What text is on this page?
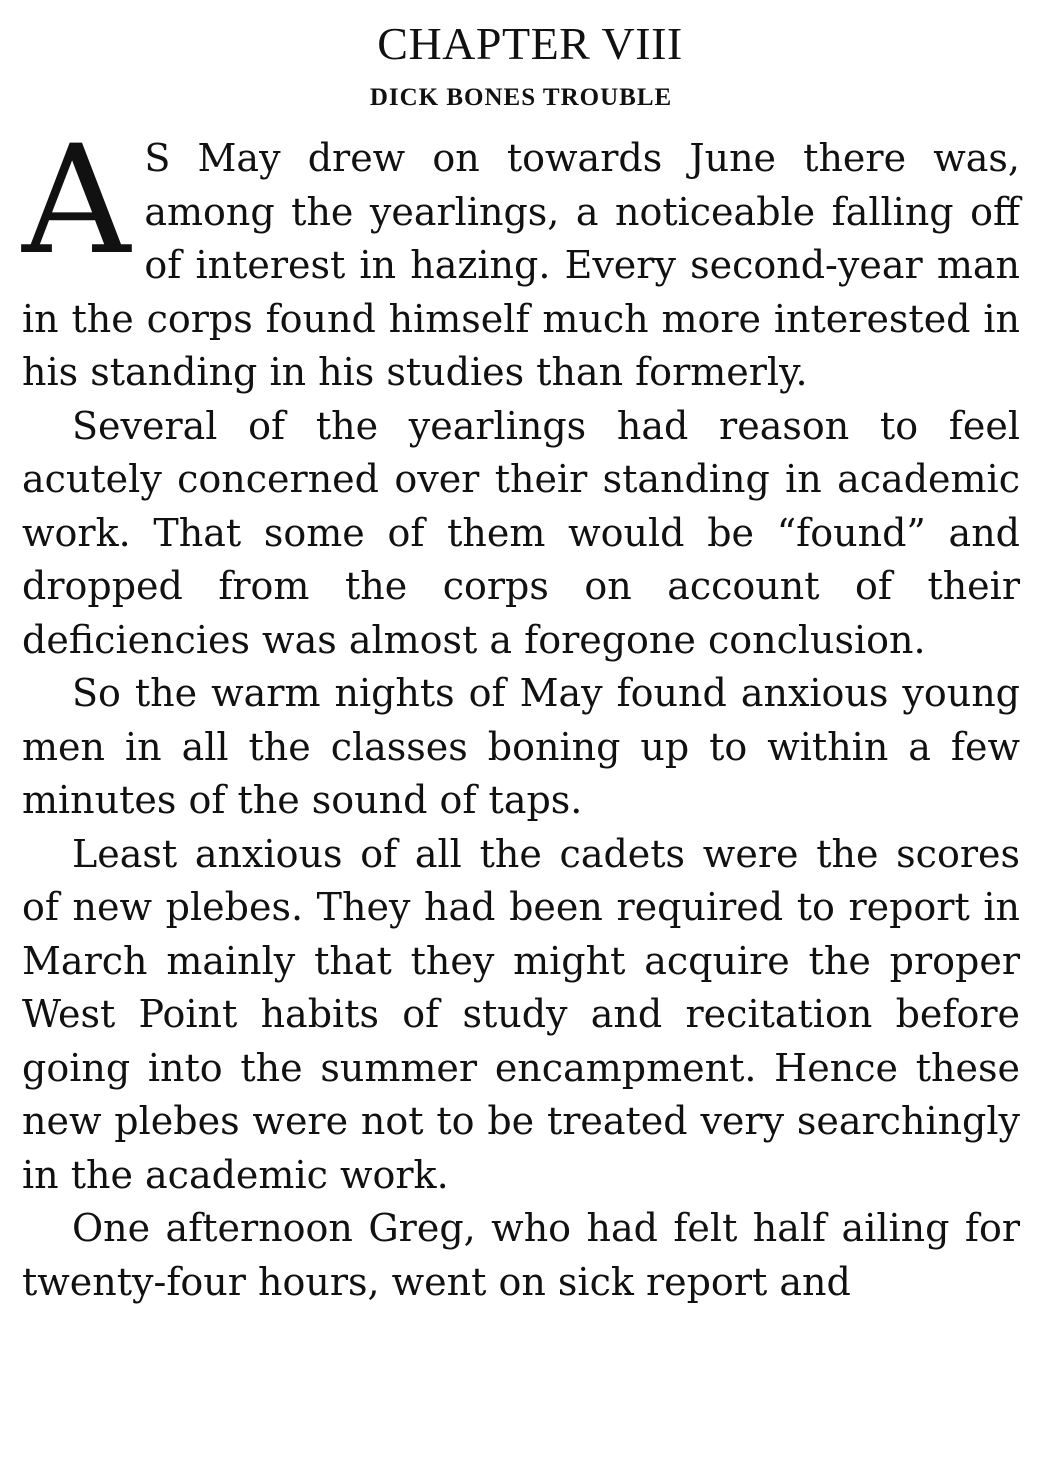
CHAPTER VIII
DICK BONES TROUBLE

A S May drew on towards June there was, among the yearlings, a noticeable falling off of interest in hazing. Every second-year man in the corps found himself much more interested in his standing in his studies than formerly.

Several of the yearlings had reason to feel acutely concerned over their standing in academic work. That some of them would be “found” and dropped from the corps on account of their deficiencies was almost a foregone conclusion.

So the warm nights of May found anxious young men in all the classes boning up to within a few minutes of the sound of taps.

Least anxious of all the cadets were the scores of new plebes. They had been required to report in March mainly that they might acquire the proper West Point habits of study and recitation before going into the summer encampment. Hence these new plebes were not to be treated very searchingly in the academic work.

One afternoon Greg, who had felt half ailing for twenty-four hours, went on sick report and
